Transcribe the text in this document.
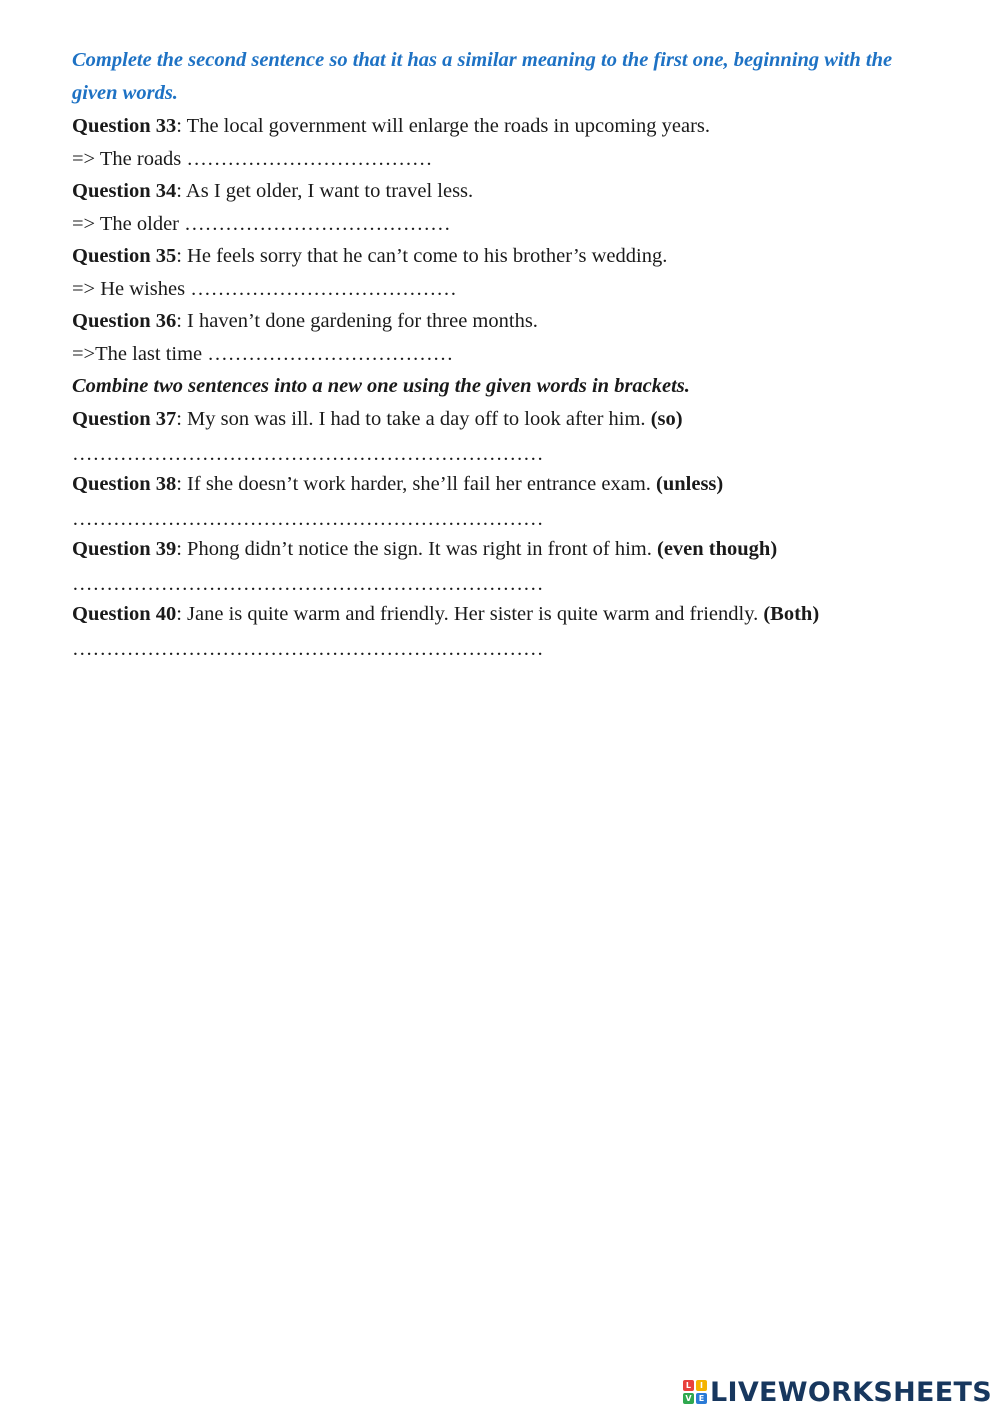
Complete the second sentence so that it has a similar meaning to the first one, beginning with the given words.

Question 33: The local government will enlarge the roads in upcoming years.
=> The roads ………………………………
Question 34: As I get older, I want to travel less.
=> The older …………………………………
Question 35: He feels sorry that he can’t come to his brother’s wedding.
=> He wishes …………………………………
Question 36: I haven’t done gardening for three months.
=>The last time ………………………………
Combine two sentences into a new one using the given words in brackets.
Question 37: My son was ill. I had to take a day off to look after him. (so)
……………………………………………………………
Question 38: If she doesn’t work harder, she’ll fail her entrance exam. (unless)
……………………………………………………………
Question 39: Phong didn’t notice the sign. It was right in front of him. (even though)
……………………………………………………………
Question 40: Jane is quite warm and friendly. Her sister is quite warm and friendly. (Both)
……………………………………………………………
L	I
V E LIVEWORKSHEETS
